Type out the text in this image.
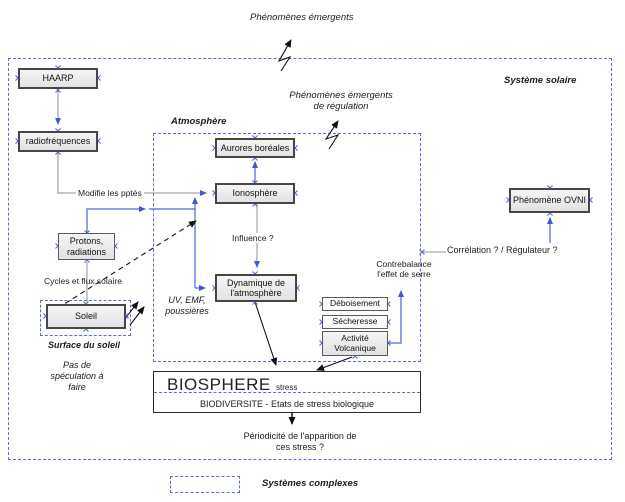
Phénomènes émergents
Phénomènes émergents
de régulation
Système solaire
Atmosphère
Surface du soleil
Pas de
spéculation à
faire
UV, EMF,
poussières
Modifie les pptés
Influence ?
Cycles et flux solaire
Contrebalance
l'effet de serre
Corrélation ? / Régulateur ?
Périodicité de l'apparition de
ces stress ?
HAARP
radiofréquences
Aurores boréales
Ionosphère
Dynamique de
l'atmosphère
Protons,
radiations
Soleil
Déboisement
Sécheresse
Activité
Volcanique
Phénomène OVNI
BIOSPHERE stress
BIODIVERSITE - Etats de stress biologique
Systèmes complexes
